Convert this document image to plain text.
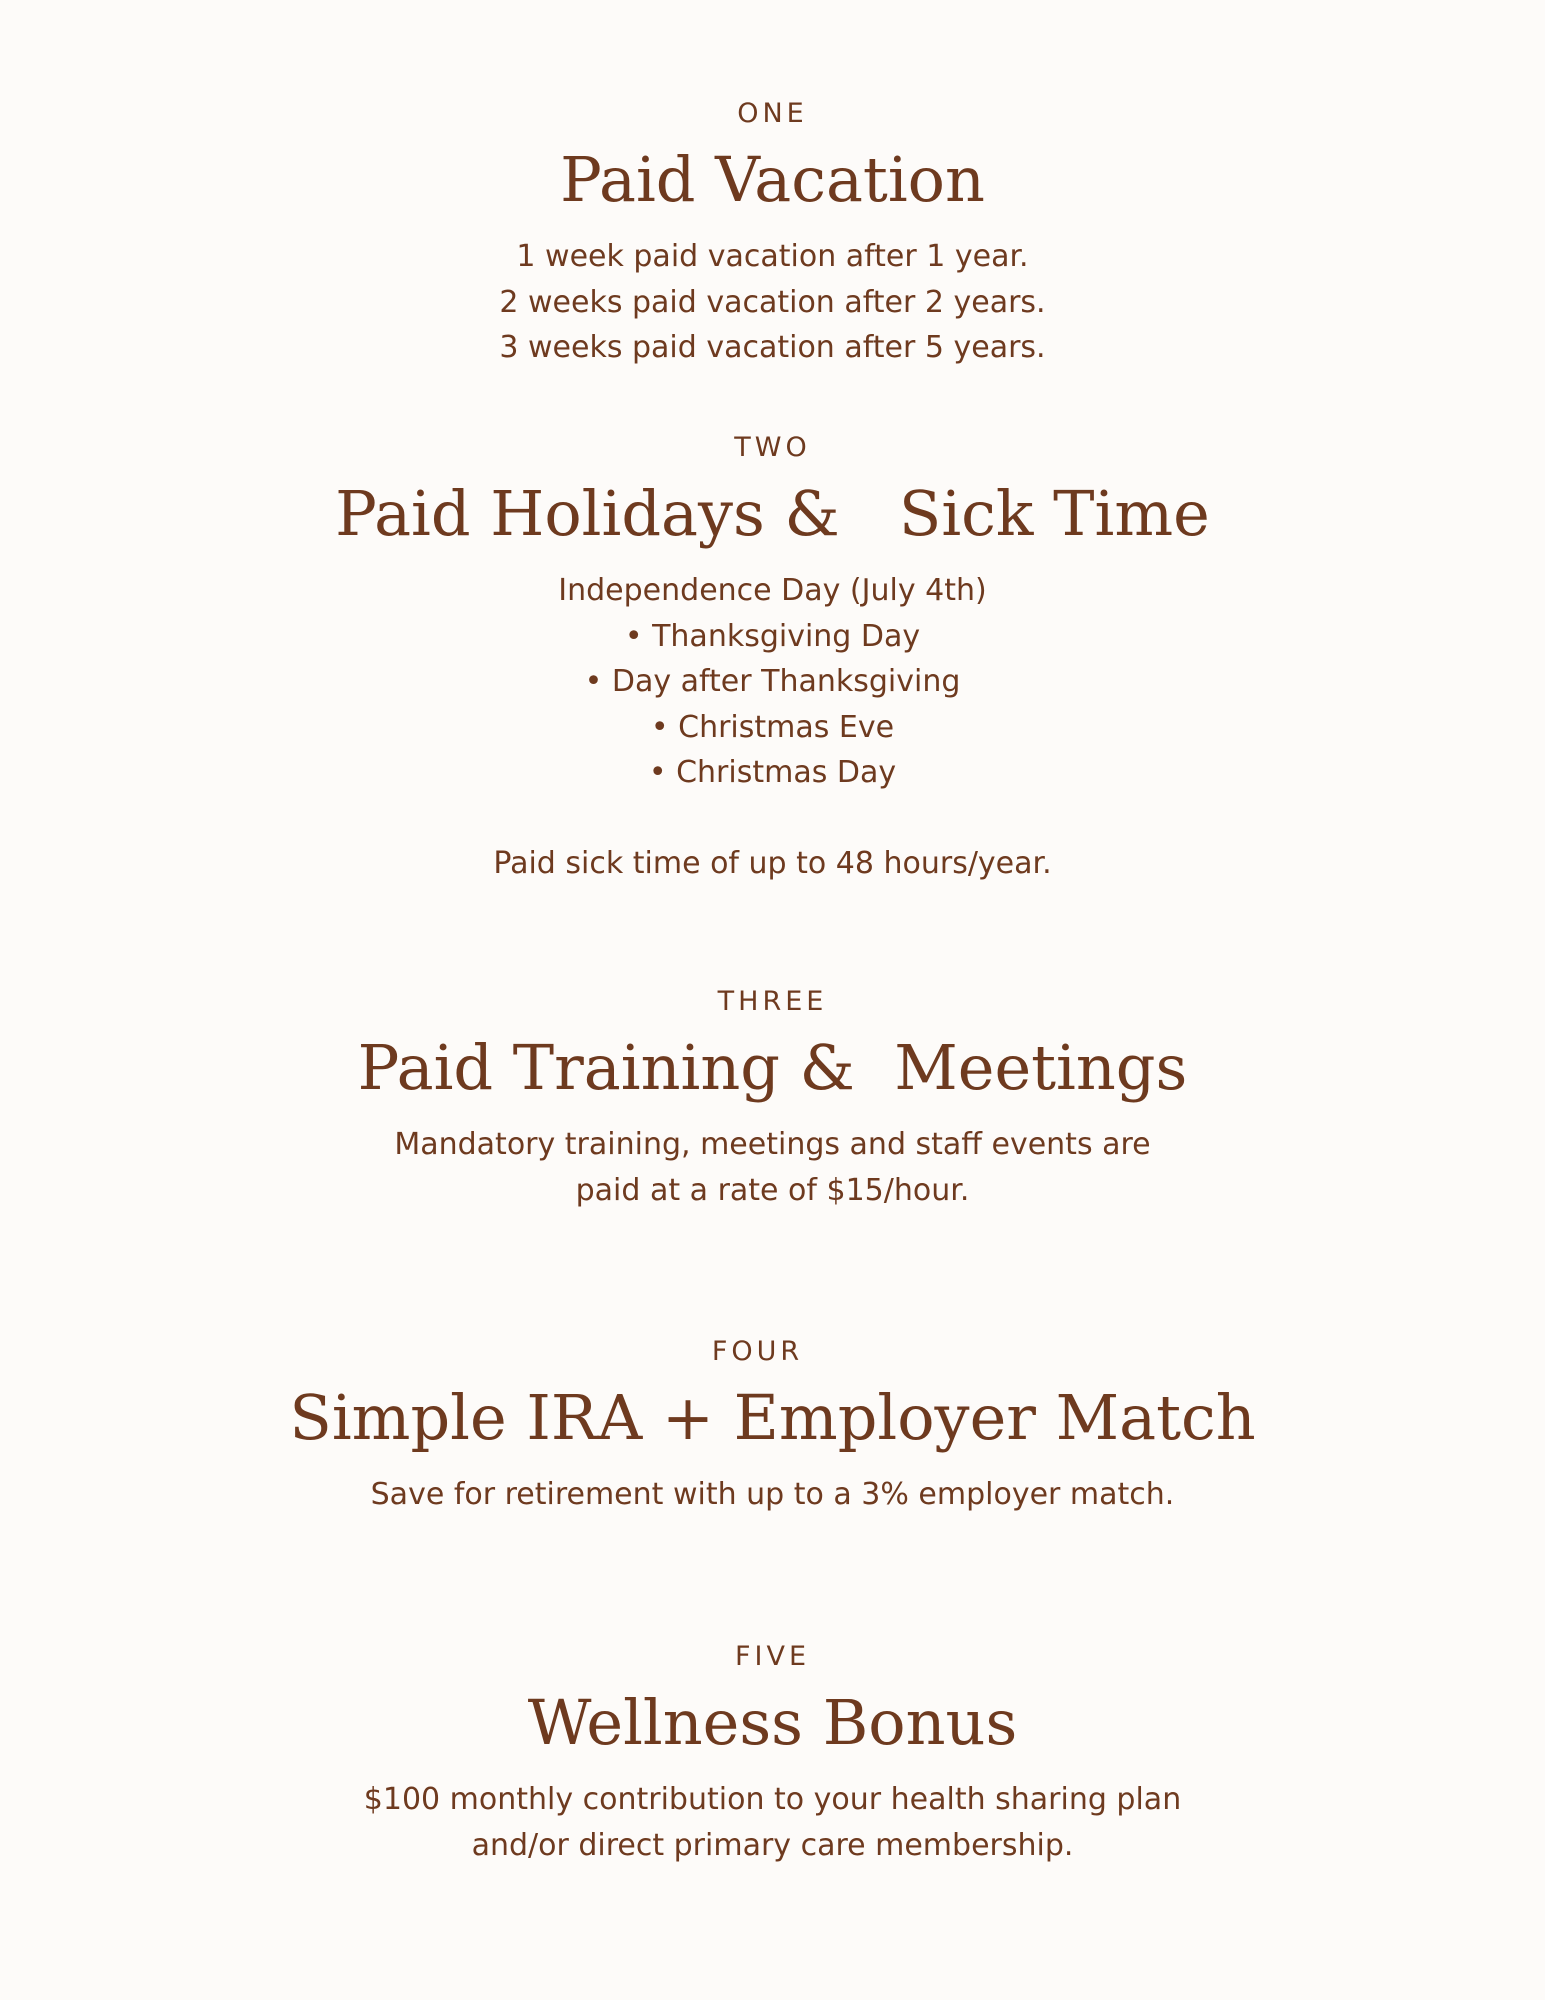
ONE

Paid Vacation

1 week paid vacation after 1 year.

2 weeks paid vacation after 2 years.

3 weeks paid vacation after 5 years.

TWO

Paid Holidays &   Sick Time

Independence Day (July 4th)

• Thanksgiving Day

• Day after Thanksgiving

• Christmas Eve

• Christmas Day

Paid sick time of up to 48 hours/year.

THREE

Paid Training &  Meetings

Mandatory training, meetings and staff events are

paid at a rate of $15/hour.

FOUR

Simple IRA + Employer Match

Save for retirement with up to a 3% employer match.

FIVE

Wellness Bonus

$100 monthly contribution to your health sharing plan

and/or direct primary care membership.
